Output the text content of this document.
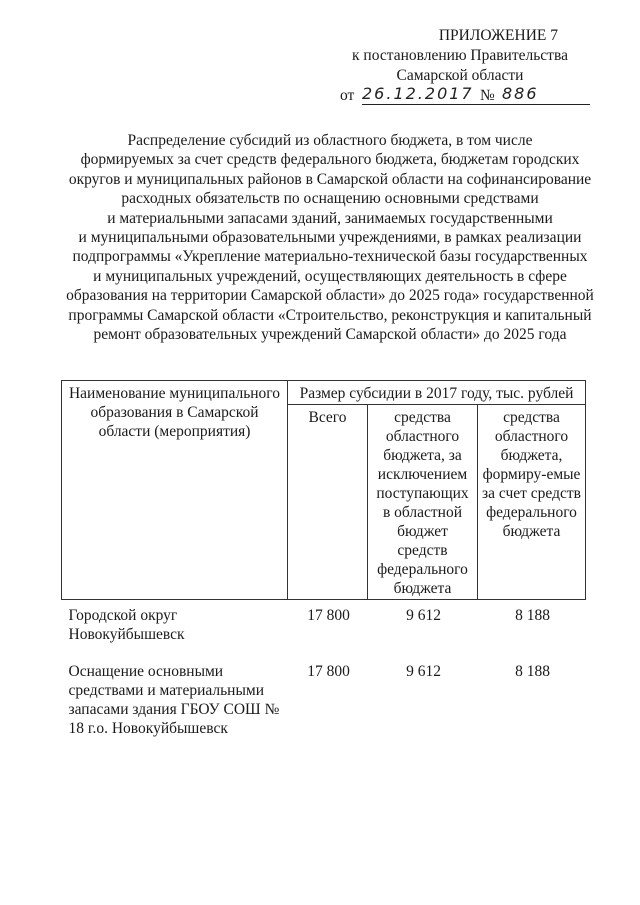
ПРИЛОЖЕНИЕ 7
к постановлению Правительства
Самарской области
от 26.12.2017 № 886
Распределение субсидий из областного бюджета, в том числе
формируемых за счет средств федерального бюджета, бюджетам городских
округов и муниципальных районов в Самарской области на софинансирование
расходных обязательств по оснащению основными средствами
и материальными запасами зданий, занимаемых государственными
и муниципальными образовательными учреждениями, в рамках реализации
подпрограммы «Укрепление материально-технической базы государственных
и муниципальных учреждений, осуществляющих деятельность в сфере
образования на территории Самарской области» до 2025 года» государственной
программы Самарской области «Строительство, реконструкция и капитальный
ремонт образовательных учреждений Самарской области» до 2025 года
Наименование муниципального образования в Самарской области (мероприятия)	Размер субсидии в 2017 году, тыс. рублей		
	Всего	средства областного бюджета, за исключением поступающих в областной бюджет средств федерального бюджета	средства областного бюджета, формиру-емые за счет средств федерального бюджета
Городской округ Новокуйбышевск	17 800	9 612	8 188
Оснащение основными средствами и материальными запасами здания ГБОУ СОШ № 18 г.о. Новокуйбышевск	17 800	9 612	8 188
